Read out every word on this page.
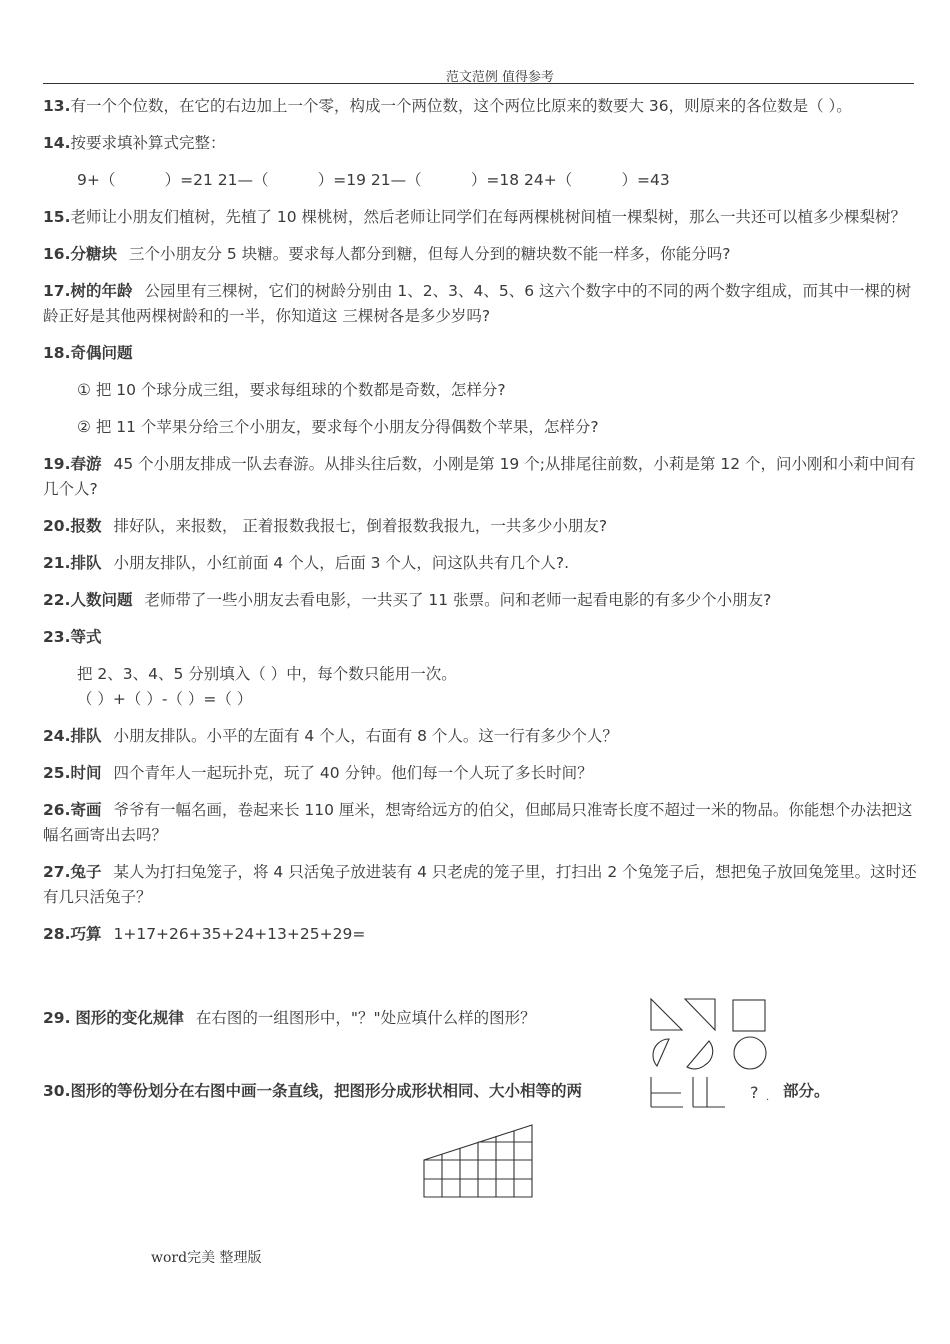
范文范例 值得参考
13.有一个个位数，在它的右边加上一个零，构成一个两位数，这个两位比原来的数要大 36，则原来的各位数是（ ）。
14.按要求填补算式完整：
9+（          ）=21 21—（          ）=19 21—（          ）=18 24+（          ）=43
15.老师让小朋友们植树，先植了 10 棵桃树，然后老师让同学们在每两棵桃树间植一棵梨树，那么一共还可以植多少棵梨树？
16.分糖块 三个小朋友分 5 块糖。要求每人都分到糖，但每人分到的糖块数不能一样多，你能分吗?
17.树的年龄 公园里有三棵树，它们的树龄分别由 1、2、3、4、5、6 这六个数字中的不同的两个数字组成，而其中一棵的树龄正好是其他两棵树龄和的一半，你知道这 三棵树各是多少岁吗?
18.奇偶问题
① 把 10 个球分成三组，要求每组球的个数都是奇数，怎样分?
② 把 11 个苹果分给三个小朋友，要求每个小朋友分得偶数个苹果，怎样分?
19.春游 45 个小朋友排成一队去春游。从排头往后数，小刚是第 19 个;从排尾往前数，小莉是第 12 个，问小刚和小莉中间有几个人?
20.报数 排好队，来报数， 正着报数我报七，倒着报数我报九，一共多少小朋友?
21.排队 小朋友排队，小红前面 4 个人，后面 3 个人，问这队共有几个人?.
22.人数问题 老师带了一些小朋友去看电影，一共买了 11 张票。问和老师一起看电影的有多少个小朋友?
23.等式
把 2、3、4、5 分别填入（ ）中，每个数只能用一次。
（ ）+（ ）-（ ）=（ ）
24.排队 小朋友排队。小平的左面有 4 个人，右面有 8 个人。这一行有多少个人？
25.时间 四个青年人一起玩扑克，玩了 40 分钟。他们每一个人玩了多长时间？
26.寄画 爷爷有一幅名画，卷起来长 110 厘米，想寄给远方的伯父，但邮局只准寄长度不超过一米的物品。你能想个办法把这幅名画寄出去吗？
27.兔子 某人为打扫兔笼子，将 4 只活兔子放进装有 4 只老虎的笼子里，打扫出 2 个兔笼子后，想把兔子放回兔笼里。这时还有几只活兔子？
28.巧算 1+17+26+35+24+13+25+29=
29. 图形的变化规律 在右图的一组图形中，"？"处应填什么样的图形？
30.图形的等份划分在右图中画一条直线，把图形分成形状相同、大小相等的两	部分。
? .
word完美 整理版
